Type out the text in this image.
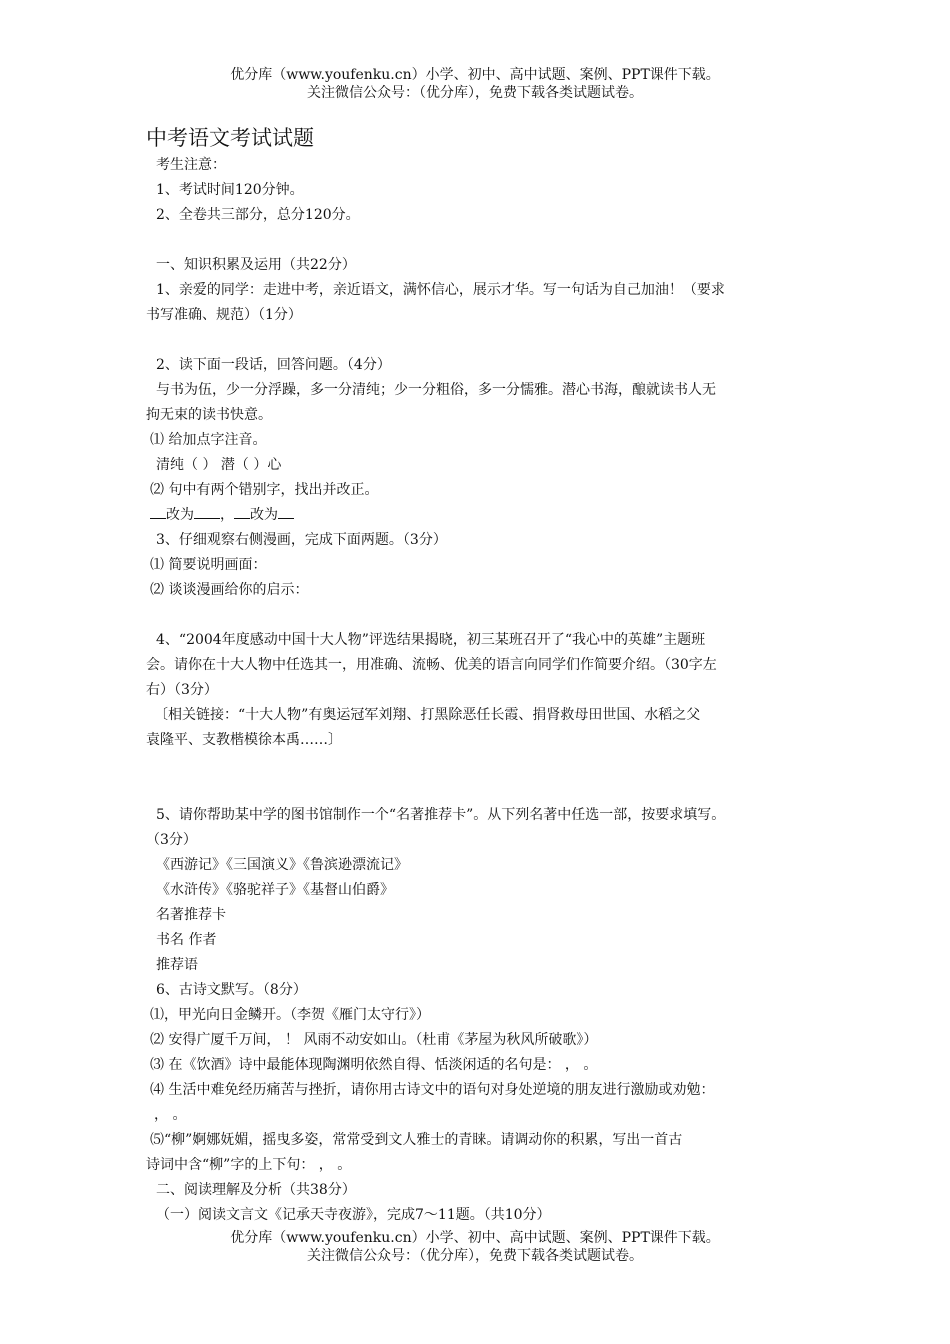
优分库（www.youfenku.cn）小学、初中、高中试题、案例、PPT课件下载。
关注微信公众号：（优分库），免费下载各类试题试卷。
中考语文考试试题
考生注意：
1、考试时间120分钟。
2、全卷共三部分，总分120分。
一、知识积累及运用（共22分）
1、亲爱的同学：走进中考，亲近语文，满怀信心，展示才华。写一句话为自己加油！（要求
书写准确、规范）（1分）
2、读下面一段话，回答问题。（4分）
与书为伍，少一分浮躁，多一分清纯；少一分粗俗，多一分懦雅。潜心书海，酿就读书人无
拘无束的读书快意。
⑴ 给加点字注音。
清纯（ ） 潜（ ）心
⑵ 句中有两个错别字，找出并改正。
改为 ， 改为
3、仔细观察右侧漫画，完成下面两题。（3分）
⑴ 简要说明画面：
⑵ 谈谈漫画给你的启示：
4、“2004年度感动中国十大人物”评选结果揭晓，初三某班召开了“我心中的英雄”主题班
会。请你在十大人物中任选其一，用准确、流畅、优美的语言向同学们作简要介绍。（30字左
右）（3分）
〔相关链接：“十大人物”有奥运冠军刘翔、打黑除恶任长霞、捐肾救母田世国、水稻之父
袁隆平、支教楷模徐本禹……〕
5、请你帮助某中学的图书馆制作一个“名著推荐卡”。从下列名著中任选一部，按要求填写。
（3分）
《西游记》《三国演义》《鲁滨逊漂流记》
《水浒传》《骆驼祥子》《基督山伯爵》
名著推荐卡
书名 作者
推荐语
6、古诗文默写。（8分）
⑴，甲光向日金鳞开。（李贺《雁门太守行》）
⑵ 安得广厦千万间， ！ 风雨不动安如山。（杜甫《茅屋为秋风所破歌》）
⑶ 在《饮酒》诗中最能体现陶渊明依然自得、恬淡闲适的名句是： ， 。
⑷ 生活中难免经历痛苦与挫折，请你用古诗文中的语句对身处逆境的朋友进行激励或劝勉：
， 。
⑸“柳”婀娜妩媚，摇曳多姿，常常受到文人雅士的青睐。请调动你的积累，写出一首古
诗词中含“柳”字的上下句： ， 。
二、阅读理解及分析（共38分）
（一）阅读文言文《记承天寺夜游》，完成7～11题。（共10分）
优分库（www.youfenku.cn）小学、初中、高中试题、案例、PPT课件下载。
关注微信公众号：（优分库），免费下载各类试题试卷。
